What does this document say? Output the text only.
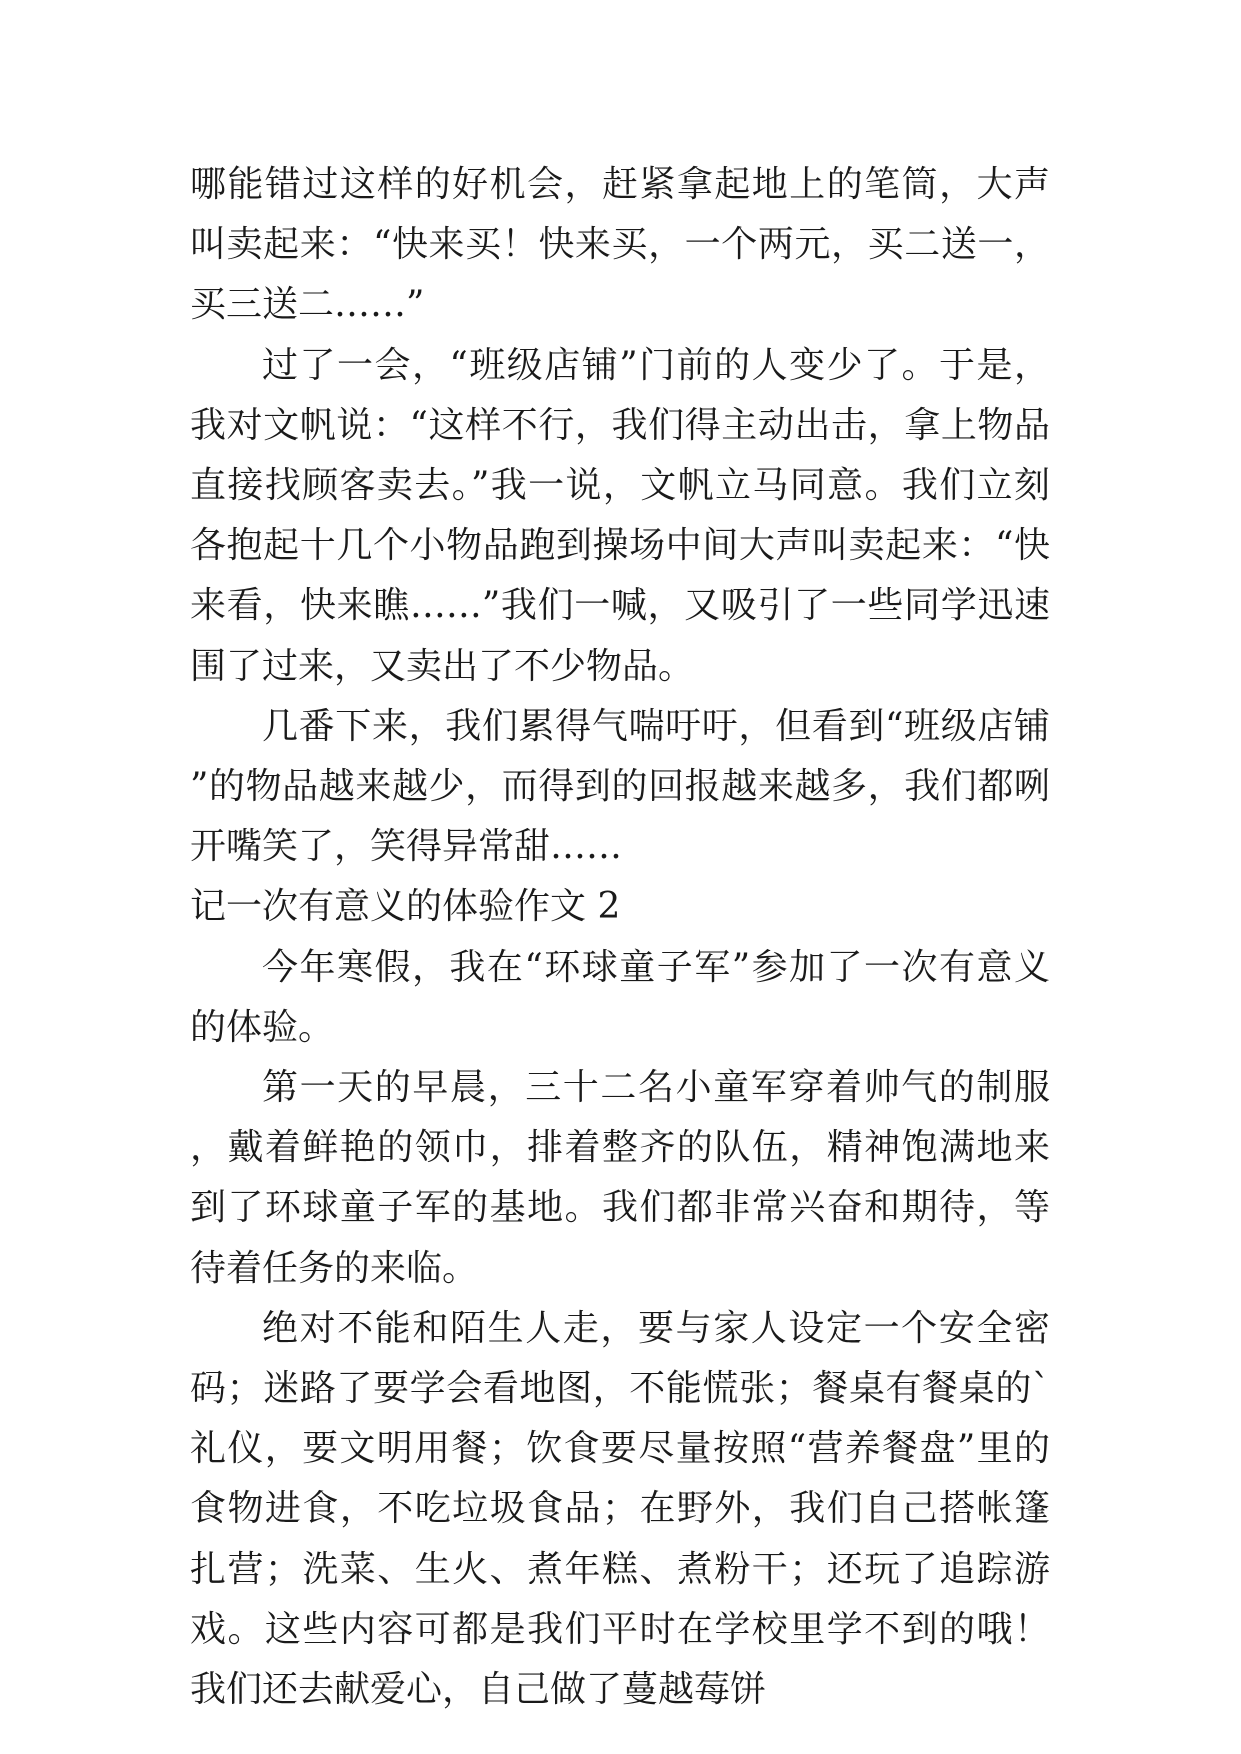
哪能错过这样的好机会，赶紧拿起地上的笔筒，大声叫卖起来：“快来买！快来买，一个两元，买二送一，买三送二……”

过了一会，“班级店铺”门前的人变少了。于是，我对文帆说：“这样不行，我们得主动出击，拿上物品直接找顾客卖去。”我一说，文帆立马同意。我们立刻各抱起十几个小物品跑到操场中间大声叫卖起来：“快来看，快来瞧……”我们一喊，又吸引了一些同学迅速围了过来，又卖出了不少物品。

几番下来，我们累得气喘吁吁，但看到“班级店铺”的物品越来越少，而得到的回报越来越多，我们都咧开嘴笑了，笑得异常甜……

记一次有意义的体验作文 2

今年寒假，我在“环球童子军”参加了一次有意义的体验。

第一天的早晨，三十二名小童军穿着帅气的制服，戴着鲜艳的领巾，排着整齐的队伍，精神饱满地来到了环球童子军的基地。我们都非常兴奋和期待，等待着任务的来临。

绝对不能和陌生人走，要与家人设定一个安全密码；迷路了要学会看地图，不能慌张；餐桌有餐桌的`礼仪，要文明用餐；饮食要尽量按照“营养餐盘”里的食物进食，不吃垃圾食品；在野外，我们自己搭帐篷扎营；洗菜、生火、煮年糕、煮粉干；还玩了追踪游戏。这些内容可都是我们平时在学校里学不到的哦！我们还去献爱心，自己做了蔓越莓饼
